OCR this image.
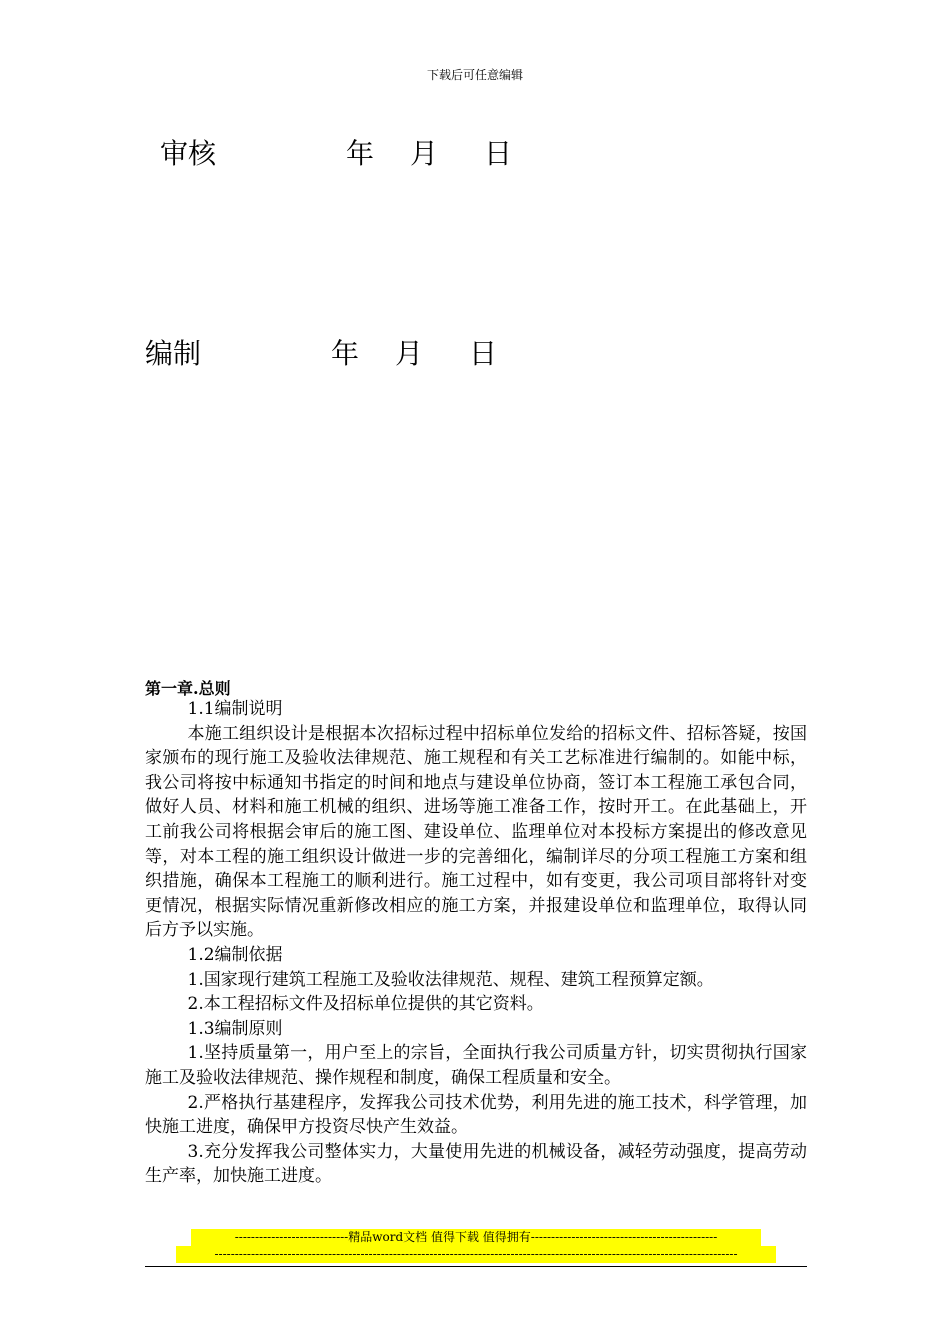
下载后可任意编辑
审核	年 月 日
编制	年 月 日
第一章.总则

1.1编制说明

本施工组织设计是根据本次招标过程中招标单位发给的招标文件、招标答疑，按国家颁布的现行施工及验收法律规范、施工规程和有关工艺标准进行编制的。如能中标，我公司将按中标通知书指定的时间和地点与建设单位协商，签订本工程施工承包合同，做好人员、材料和施工机械的组织、进场等施工准备工作，按时开工。在此基础上，开工前我公司将根据会审后的施工图、建设单位、监理单位对本投标方案提出的修改意见等，对本工程的施工组织设计做进一步的完善细化，编制详尽的分项工程施工方案和组织措施，确保本工程施工的顺利进行。施工过程中，如有变更，我公司项目部将针对变更情况，根据实际情况重新修改相应的施工方案，并报建设单位和监理单位，取得认同后方予以实施。

1.2编制依据

1.国家现行建筑工程施工及验收法律规范、规程、建筑工程预算定额。

2.本工程招标文件及招标单位提供的其它资料。

1.3编制原则

1.坚持质量第一，用户至上的宗旨，全面执行我公司质量方针，切实贯彻执行国家施工及验收法律规范、操作规程和制度，确保工程质量和安全。

2.严格执行基建程序，发挥我公司技术优势，利用先进的施工技术，科学管理，加快施工进度，确保甲方投资尽快产生效益。

3.充分发挥我公司整体实力，大量使用先进的机械设备，减轻劳动强度，提高劳动生产率，加快施工进度。

----------------------------精品word文档 值得下载 值得拥有----------------------------------------------
---------------------------------------------------------------------------------------------------------------------------------
